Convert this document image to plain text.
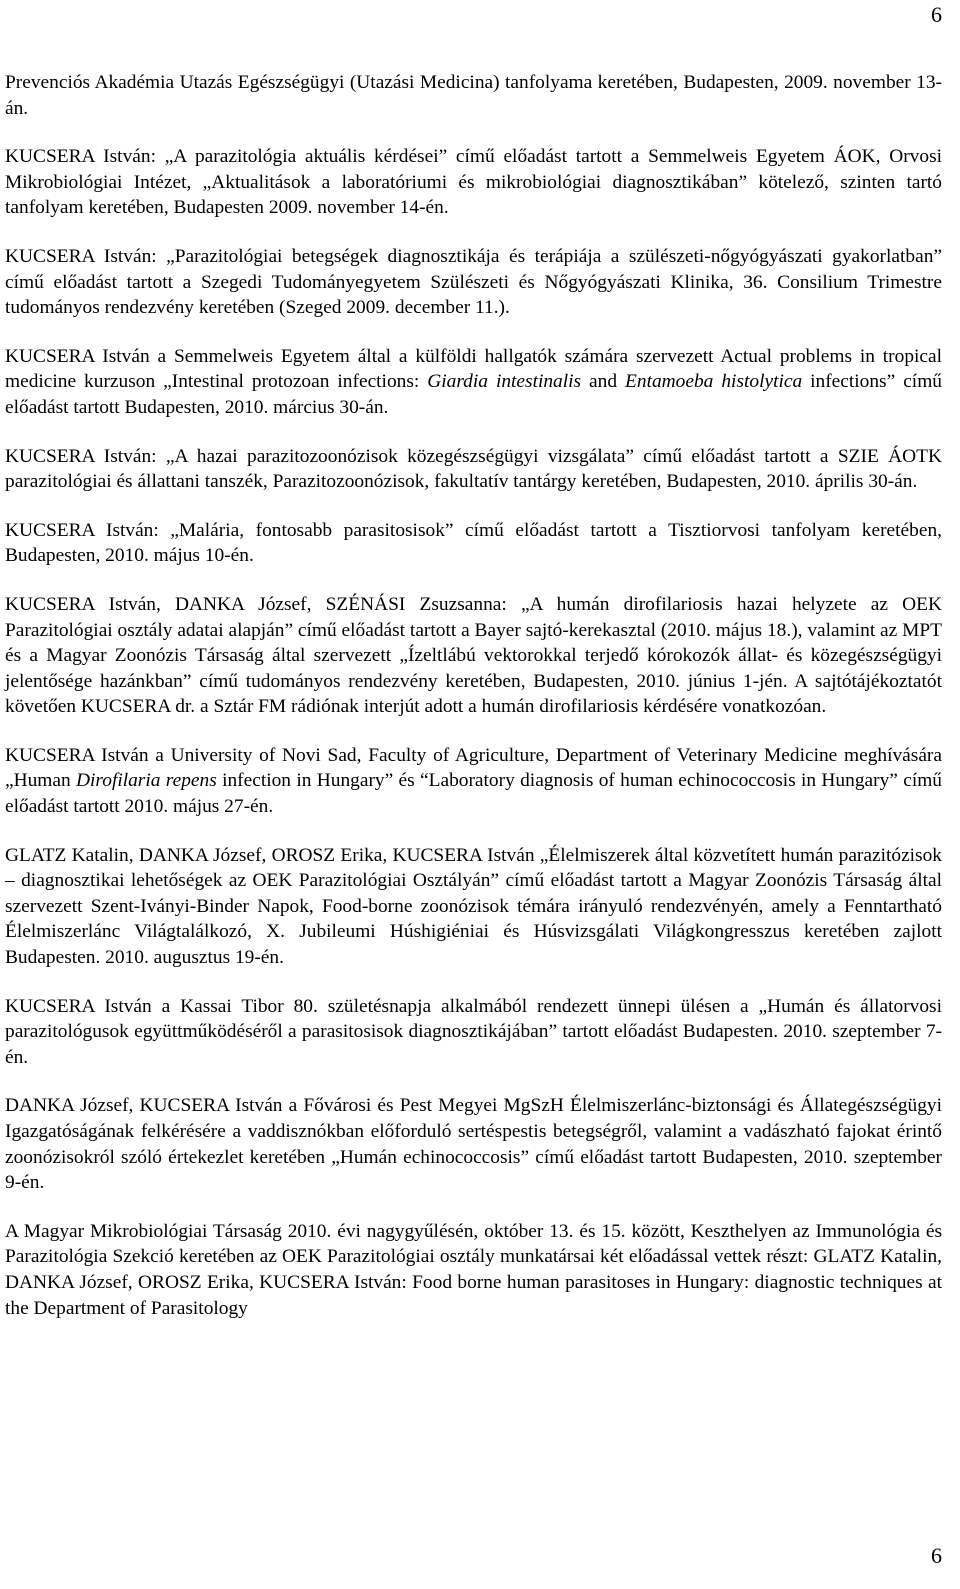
6

Prevenciós Akadémia Utazás Egészségügyi (Utazási Medicina) tanfolyama keretében, Budapesten, 2009. november 13-án.

KUCSERA István: „A parazitológia aktuális kérdései” című előadást tartott a Semmelweis Egyetem ÁOK, Orvosi Mikrobiológiai Intézet, „Aktualitások a laboratóriumi és mikrobiológiai diagnosztikában” kötelező, szinten tartó tanfolyam keretében, Budapesten 2009. november 14-én.

KUCSERA István: „Parazitológiai betegségek diagnosztikája és terápiája a szülészeti-nőgyógyászati gyakorlatban” című előadást tartott a Szegedi Tudományegyetem Szülészeti és Nőgyógyászati Klinika, 36. Consilium Trimestre tudományos rendezvény keretében (Szeged 2009. december 11.).

KUCSERA István a Semmelweis Egyetem által a külföldi hallgatók számára szervezett Actual problems in tropical medicine kurzuson „Intestinal protozoan infections: Giardia intestinalis and Entamoeba histolytica infections” című előadást tartott Budapesten, 2010. március 30-án.

KUCSERA István: „A hazai parazitozoonózisok közegészségügyi vizsgálata” című előadást tartott a SZIE ÁOTK parazitológiai és állattani tanszék, Parazitozoonózisok, fakultatív tantárgy keretében, Budapesten, 2010. április 30-án.

KUCSERA István: „Malária, fontosabb parasitosisok” című előadást tartott a Tisztiorvosi tanfolyam keretében, Budapesten, 2010. május 10-én.

KUCSERA István, DANKA József, SZÉNÁSI Zsuzsanna: „A humán dirofilariosis hazai helyzete az OEK Parazitológiai osztály adatai alapján” című előadást tartott a Bayer sajtó-kerekasztal (2010. május 18.), valamint az MPT és a Magyar Zoonózis Társaság által szervezett „Ízeltlábú vektorokkal terjedő kórokozók állat- és közegészségügyi jelentősége hazánkban” című tudományos rendezvény keretében, Budapesten, 2010. június 1-jén. A sajtótájékoztatót követően KUCSERA dr. a Sztár FM rádiónak interjút adott a humán dirofilariosis kérdésére vonatkozóan.

KUCSERA István a University of Novi Sad, Faculty of Agriculture, Department of Veterinary Medicine meghívására „Human Dirofilaria repens infection in Hungary” és “Laboratory diagnosis of human echinococcosis in Hungary” című előadást tartott 2010. május 27-én.

GLATZ Katalin, DANKA József, OROSZ Erika, KUCSERA István „Élelmiszerek által közvetített humán parazitózisok – diagnosztikai lehetőségek az OEK Parazitológiai Osztályán” című előadást tartott a Magyar Zoonózis Társaság által szervezett Szent-Iványi-Binder Napok, Food-borne zoonózisok témára irányuló rendezvényén, amely a Fenntartható Élelmiszerlánc Világtalálkozó, X. Jubileumi Húshigiéniai és Húsvizsgálati Világkongresszus keretében zajlott Budapesten. 2010. augusztus 19-én.

KUCSERA István a Kassai Tibor 80. születésnapja alkalmából rendezett ünnepi ülésen a „Humán és állatorvosi parazitológusok együttműködéséről a parasitosisok diagnosztikájában” tartott előadást Budapesten. 2010. szeptember 7-én.

DANKA József, KUCSERA István a Fővárosi és Pest Megyei MgSzH Élelmiszerlánc-biztonsági és Állategészségügyi Igazgatóságának felkérésére a vaddisznókban előforduló sertéspestis betegségről, valamint a vadászható fajokat érintő zoonózisokról szóló értekezlet keretében „Humán echinococcosis” című előadást tartott Budapesten, 2010. szeptember 9-én.

A Magyar Mikrobiológiai Társaság 2010. évi nagygyűlésén, október 13. és 15. között, Keszthelyen az Immunológia és Parazitológia Szekció keretében az OEK Parazitológiai osztály munkatársai két előadással vettek részt: GLATZ Katalin, DANKA József, OROSZ Erika, KUCSERA István: Food borne human parasitoses in Hungary: diagnostic techniques at the Department of Parasitology

6
